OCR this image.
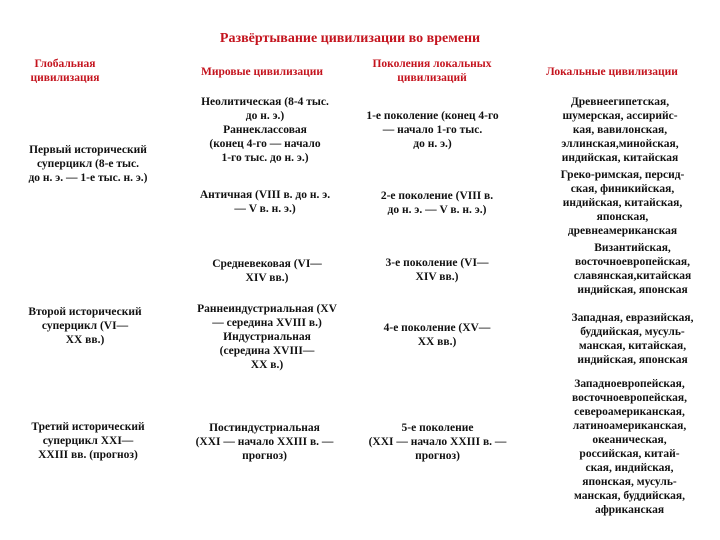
Развёртывание цивилизации во времени
Глобальная
цивилизация	Мировые цивилизации
Поколения локальных
цивилизаций	Локальные цивилизации
Первый исторический
суперцикл (8-е тыс.
до н. э. — 1-е тыс. н. э.)
Второй исторический
суперцикл (VI—
XX вв.)
Третий исторический
суперцикл XXI—
XXIII вв. (прогноз)
Неолитическая (8-4 тыс.
до н. э.)
Раннеклассовая
(конец 4-го — начало
1-го тыс. до н. э.)
Античная (VIII в. до н. э.
— V в. н. э.)
Средневековая (VI—
XIV вв.)
Раннеиндустриальная (XV
— середина XVIII в.)
Индустриальная
(середина XVIII—
XX в.)
Постиндустриальная
(XXI — начало XXIII в. —
прогноз)
1-е поколение (конец 4-го
— начало 1-го тыс.
до н. э.)
2-е поколение (VIII в.
до н. э. — V в. н. э.)
3-е поколение (VI—
XIV вв.)
4-е поколение (XV—
XX вв.)
5-е поколение
(XXI — начало XXIII в. —
прогноз)
Древнеегипетская,
шумерская, ассирийс-
кая, вавилонская,
эллинская,минойская,
индийская, китайская
Греко-римская, персид-
ская, финикийская,
индийская, китайская,
японская,
древнеамериканская
Византийская,
восточноевропейская,
славянская,китайская
индийская, японская
Западная, евразийская,
буддийская, мусуль-
манская, китайская,
индийская, японская
Западноевропейская,
восточноевропейская,
североамериканская,
латиноамериканская,
океаническая,
российская, китай-
ская, индийская,
японская, мусуль-
манская, буддийская,
африканская
